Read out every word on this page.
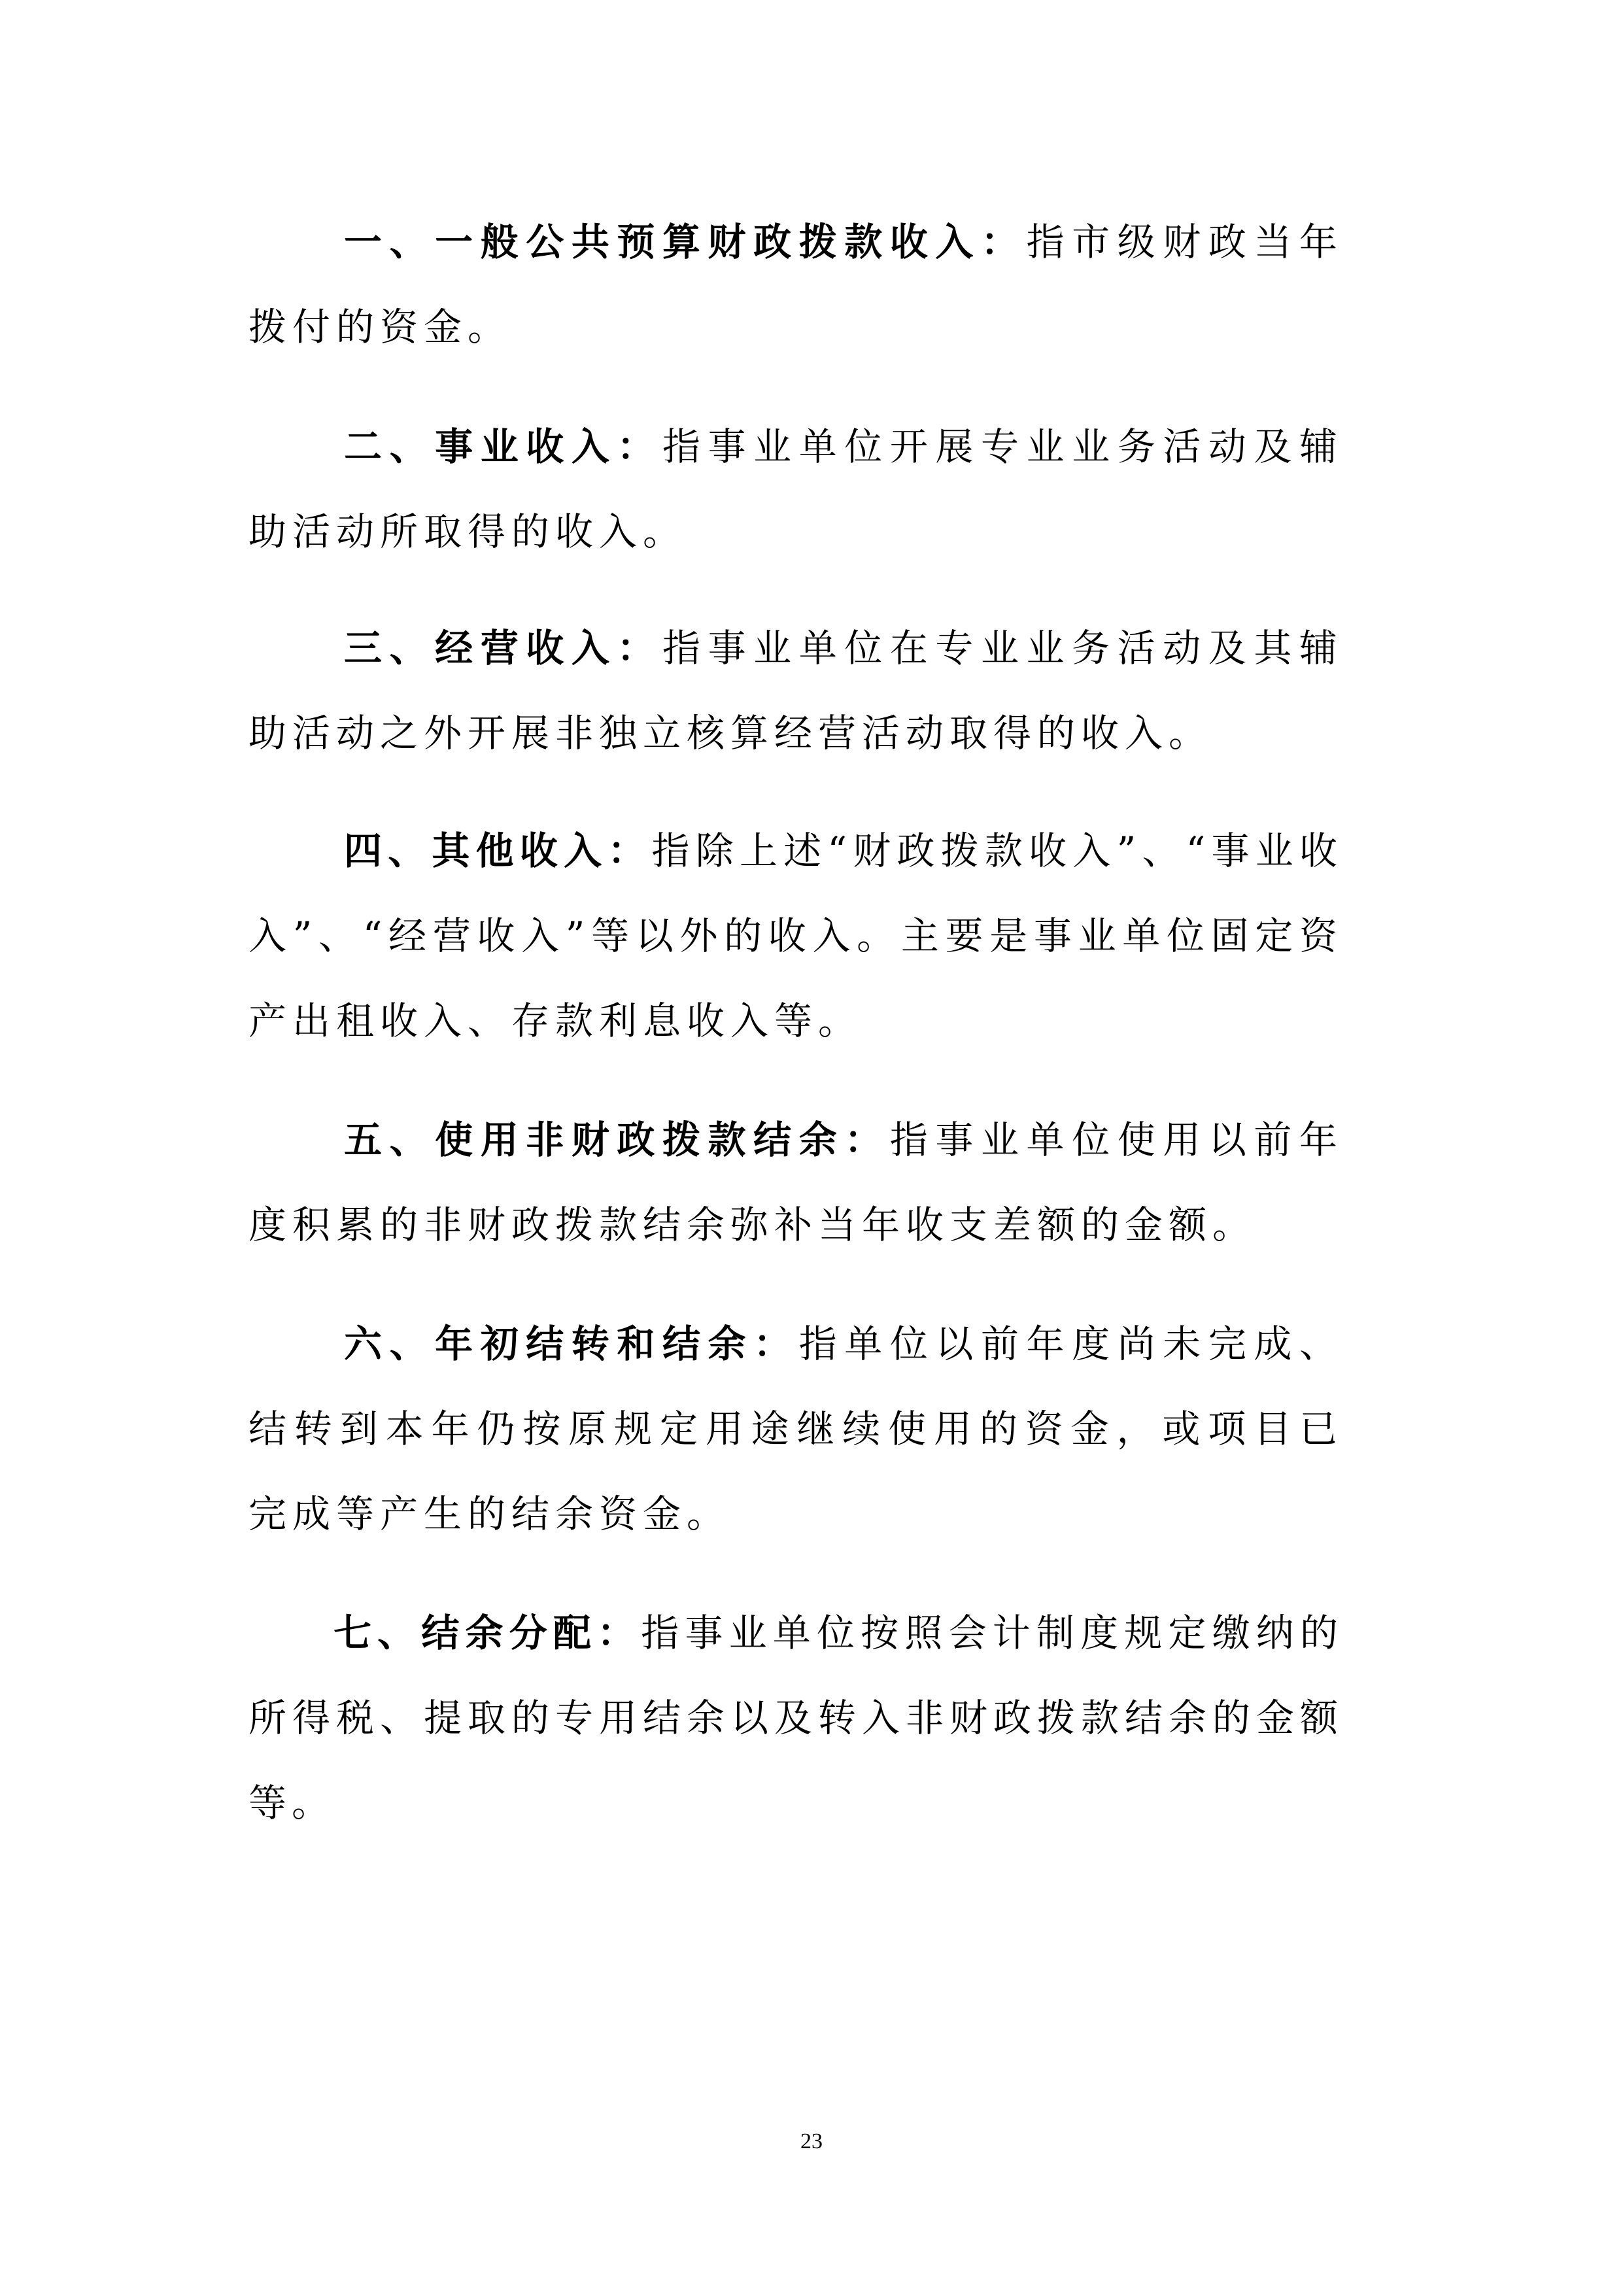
一、一般公共预算财政拨款收入：指市级财政当年拨付的资金。

二、事业收入：指事业单位开展专业业务活动及辅助活动所取得的收入。

三、经营收入：指事业单位在专业业务活动及其辅助活动之外开展非独立核算经营活动取得的收入。

四、其他收入：指除上述“财政拨款收入”、“事业收入”、“经营收入”等以外的收入。主要是事业单位固定资产出租收入、存款利息收入等。

五、使用非财政拨款结余：指事业单位使用以前年度积累的非财政拨款结余弥补当年收支差额的金额。

六、年初结转和结余：指单位以前年度尚未完成、结转到本年仍按原规定用途继续使用的资金，或项目已完成等产生的结余资金。

七、结余分配：指事业单位按照会计制度规定缴纳的所得税、提取的专用结余以及转入非财政拨款结余的金额等。

23
